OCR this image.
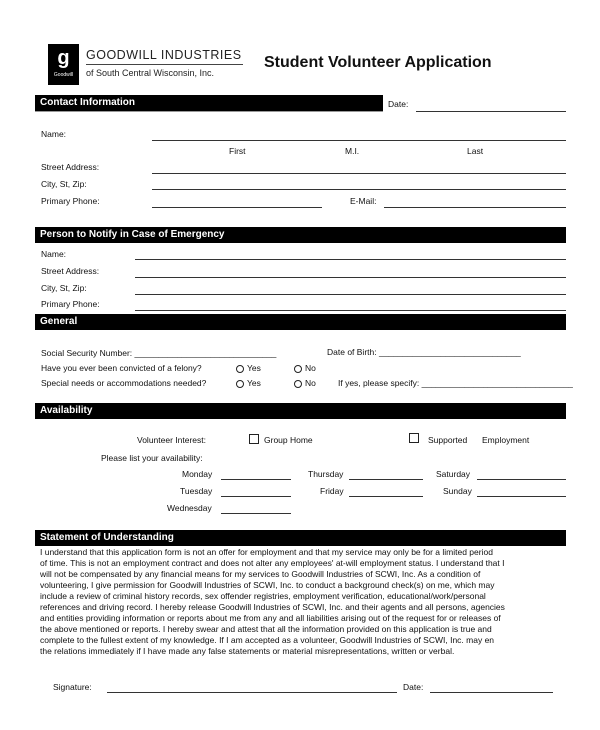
g
Goodwill
GOODWILL INDUSTRIES
of South Central Wisconsin, Inc.
Student Volunteer Application
Contact Information	Date:
Name:
First	M.I.	Last
Street Address:
City, St, Zip:
Primary Phone:	E-Mail:
Person to Notify in Case of Emergency
Name:
Street Address:
City, St, Zip:
Primary Phone:
General
Social Security Number: ______________________________	Date of Birth: ______________________________
Have you ever been convicted of a felony?	Yes	No
Special needs or accommodations needed?	Yes	No	If yes, please specify: ________________________________
Availability
Volunteer Interest:	Group Home	Supported Employment
Please list your availability:
Monday	Thursday	Saturday
Tuesday	Friday	Sunday
Wednesday
Statement of Understanding
I understand that this application form is not an offer for employment and that my service may only be for a limited period
of time. This is not an employment contract and does not alter any employees' at-will employment status. I understand that I
will not be compensated by any financial means for my services to Goodwill Industries of SCWI, Inc. As a condition of
volunteering, I give permission for Goodwill Industries of SCWI, Inc. to conduct a background check(s) on me, which may
include a review of criminal history records, sex offender registries, employment verification, educational/work/personal
references and driving record. I hereby release Goodwill Industries of SCWI, Inc. and their agents and all persons, agencies
and entities providing information or reports about me from any and all liabilities arising out of the request for or releases of
the above mentioned or reports. I hereby swear and attest that all the information provided on this application is true and
complete to the fullest extent of my knowledge. If I am accepted as a volunteer, Goodwill Industries of SCWI, Inc. may en
the relations immediately if I have made any false statements or material misrepresentations, written or verbal.
Signature:	Date:
